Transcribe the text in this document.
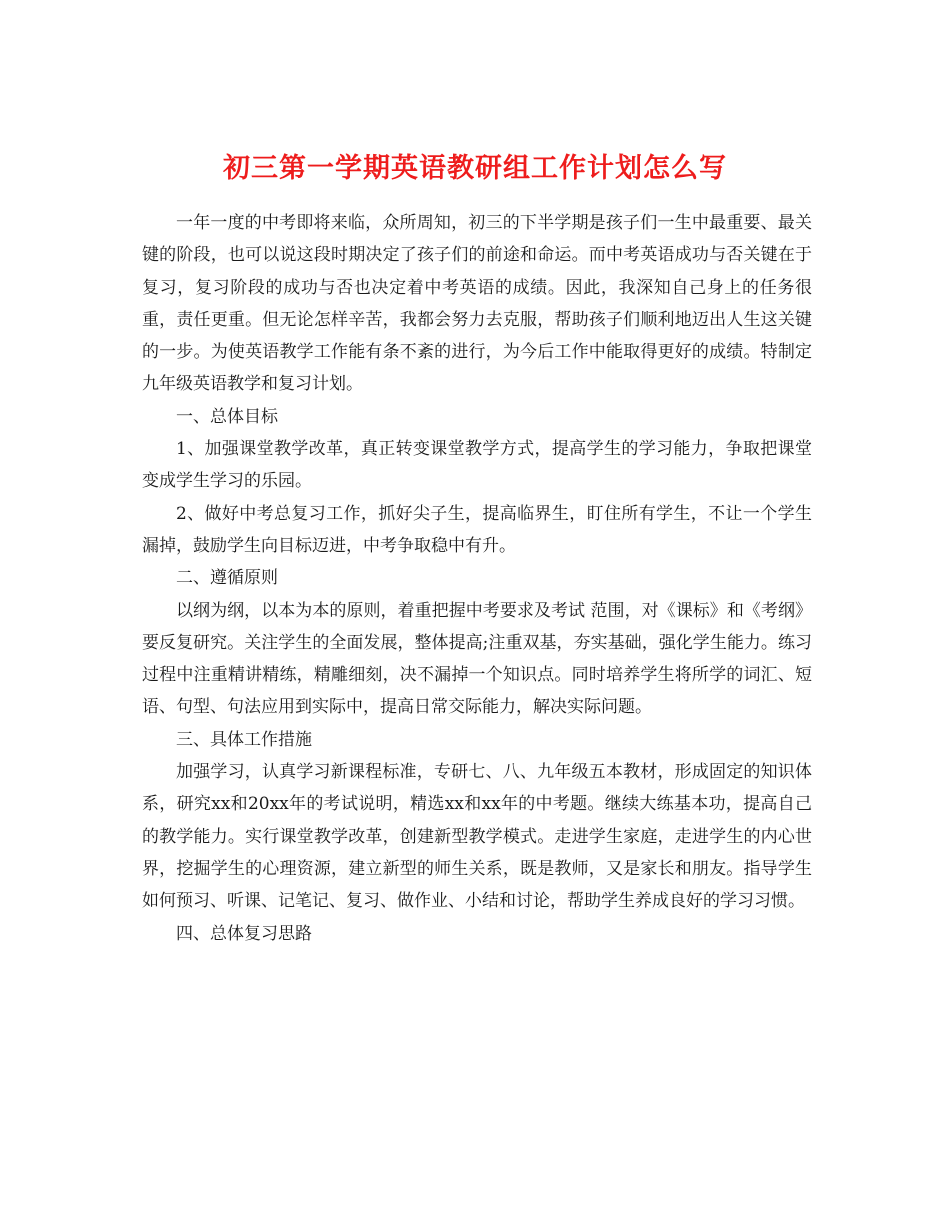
初三第一学期英语教研组工作计划怎么写

一年一度的中考即将来临，众所周知，初三的下半学期是孩子们一生中最重要、最关键的阶段，也可以说这段时期决定了孩子们的前途和命运。而中考英语成功与否关键在于复习，复习阶段的成功与否也决定着中考英语的成绩。因此，我深知自己身上的任务很重，责任更重。但无论怎样辛苦，我都会努力去克服，帮助孩子们顺利地迈出人生这关键的一步。为使英语教学工作能有条不紊的进行，为今后工作中能取得更好的成绩。特制定九年级英语教学和复习计划。

一、总体目标

1、加强课堂教学改革，真正转变课堂教学方式，提高学生的学习能力，争取把课堂变成学生学习的乐园。

2、做好中考总复习工作，抓好尖子生，提高临界生，盯住所有学生，不让一个学生漏掉，鼓励学生向目标迈进，中考争取稳中有升。

二、遵循原则

以纲为纲，以本为本的原则，着重把握中考要求及考试 范围，对《课标》和《考纲》要反复研究。关注学生的全面发展，整体提高;注重双基，夯实基础，强化学生能力。练习过程中注重精讲精练，精雕细刻，决不漏掉一个知识点。同时培养学生将所学的词汇、短语、句型、句法应用到实际中，提高日常交际能力，解决实际问题。

三、具体工作措施

加强学习，认真学习新课程标准，专研七、八、九年级五本教材，形成固定的知识体系，研究xx和20xx年的考试说明，精选xx和xx年的中考题。继续大练基本功，提高自己的教学能力。实行课堂教学改革，创建新型教学模式。走进学生家庭，走进学生的内心世界，挖掘学生的心理资源，建立新型的师生关系，既是教师，又是家长和朋友。指导学生如何预习、听课、记笔记、复习、做作业、小结和讨论，帮助学生养成良好的学习习惯。

四、总体复习思路
